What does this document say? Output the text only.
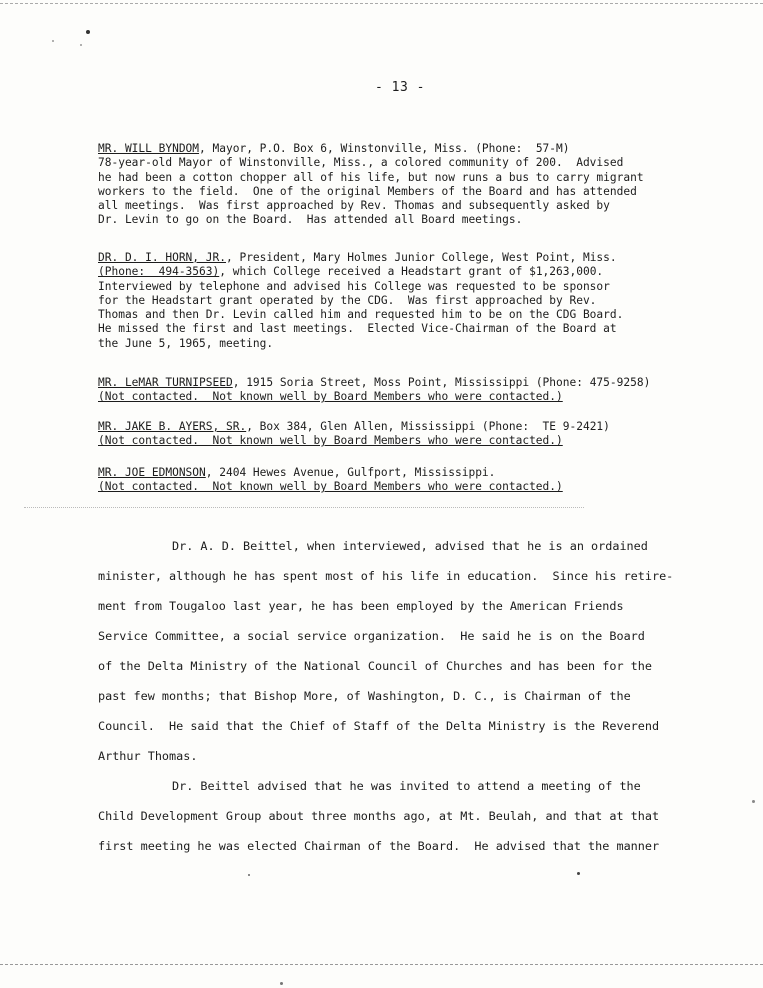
- 13 -
MR. WILL BYNDOM, Mayor, P.O. Box 6, Winstonville, Miss. (Phone:  57-M)
78-year-old Mayor of Winstonville, Miss., a colored community of 200.  Advised
he had been a cotton chopper all of his life, but now runs a bus to carry migrant
workers to the field.  One of the original Members of the Board and has attended
all meetings.  Was first approached by Rev. Thomas and subsequently asked by
Dr. Levin to go on the Board.  Has attended all Board meetings.
DR. D. I. HORN, JR., President, Mary Holmes Junior College, West Point, Miss.
(Phone:  494-3563), which College received a Headstart grant of $1,263,000.
Interviewed by telephone and advised his College was requested to be sponsor
for the Headstart grant operated by the CDG.  Was first approached by Rev.
Thomas and then Dr. Levin called him and requested him to be on the CDG Board.
He missed the first and last meetings.  Elected Vice-Chairman of the Board at
the June 5, 1965, meeting.
MR. LeMAR TURNIPSEED, 1915 Soria Street, Moss Point, Mississippi (Phone: 475-9258)
(Not contacted.  Not known well by Board Members who were contacted.)
MR. JAKE B. AYERS, SR., Box 384, Glen Allen, Mississippi (Phone:  TE 9-2421)
(Not contacted.  Not known well by Board Members who were contacted.)
MR. JOE EDMONSON, 2404 Hewes Avenue, Gulfport, Mississippi.
(Not contacted.  Not known well by Board Members who were contacted.)
Dr. A. D. Beittel, when interviewed, advised that he is an ordained
minister, although he has spent most of his life in education.  Since his retire-
ment from Tougaloo last year, he has been employed by the American Friends
Service Committee, a social service organization.  He said he is on the Board
of the Delta Ministry of the National Council of Churches and has been for the
past few months; that Bishop More, of Washington, D. C., is Chairman of the
Council.  He said that the Chief of Staff of the Delta Ministry is the Reverend
Arthur Thomas.
Dr. Beittel advised that he was invited to attend a meeting of the
Child Development Group about three months ago, at Mt. Beulah, and that at that
first meeting he was elected Chairman of the Board.  He advised that the manner
